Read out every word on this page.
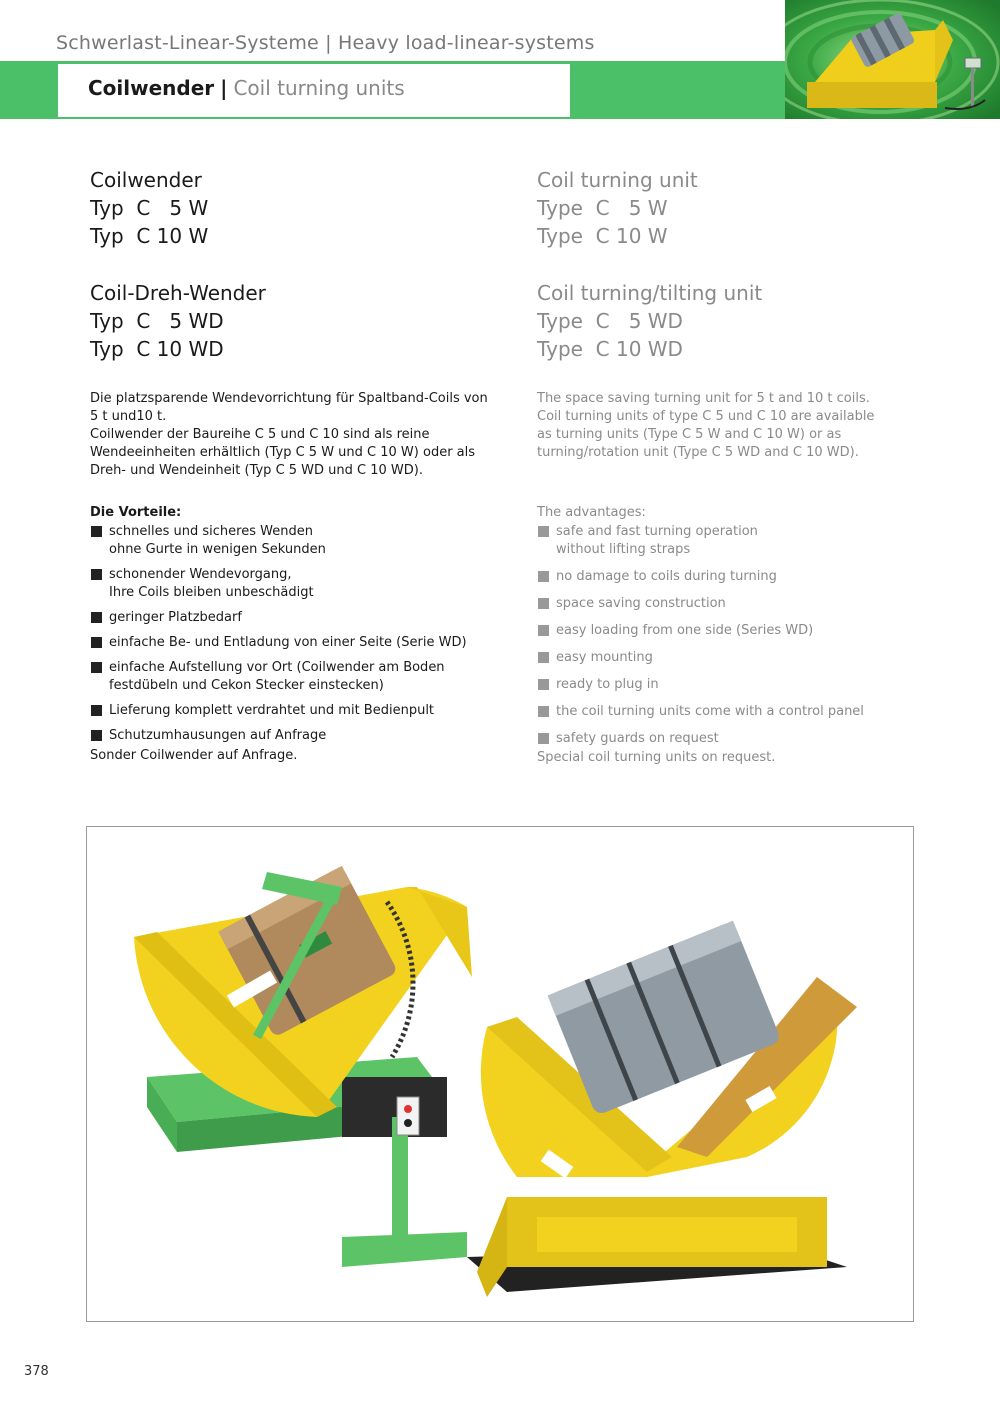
Schwerlast-Linear-Systeme | Heavy load-linear-systems
Coilwender | Coil turning units
Coilwender
Typ  C   5 W
Typ  C 10 W
Coil-Dreh-Wender
Typ  C   5 WD
Typ  C 10 WD
Die platzsparende Wendevorrichtung für Spaltband-Coils von
5 t und10 t.
Coilwender der Baureihe C 5 und C 10 sind als reine
Wendeeinheiten erhältlich (Typ C 5 W und C 10 W) oder als
Dreh- und Wendeinheit (Typ C 5 WD und C 10 WD).
Die Vorteile:
schnelles und sicheres Wenden
ohne Gurte in wenigen Sekunden
schonender Wendevorgang,
Ihre Coils bleiben unbeschädigt
geringer Platzbedarf
einfache Be- und Entladung von einer Seite (Serie WD)
einfache Aufstellung vor Ort (Coilwender am Boden
festdübeln und Cekon Stecker einstecken)
Lieferung komplett verdrahtet und mit Bedienpult
Schutzumhausungen auf Anfrage
Sonder Coilwender auf Anfrage.
Coil turning unit
Type  C   5 W
Type  C 10 W
Coil turning/tilting unit
Type  C   5 WD
Type  C 10 WD
The space saving turning unit for 5 t and 10 t coils.
Coil turning units of type C 5 und C 10 are available
as turning units (Type C 5 W and C 10 W) or as
turning/rotation unit (Type C 5 WD and C 10 WD).
The advantages:
safe and fast turning operation
without lifting straps
no damage to coils during turning
space saving construction
easy loading from one side (Series WD)
easy mounting
ready to plug in
the coil turning units come with a control panel
safety guards on request
Special coil turning units on request.
378
